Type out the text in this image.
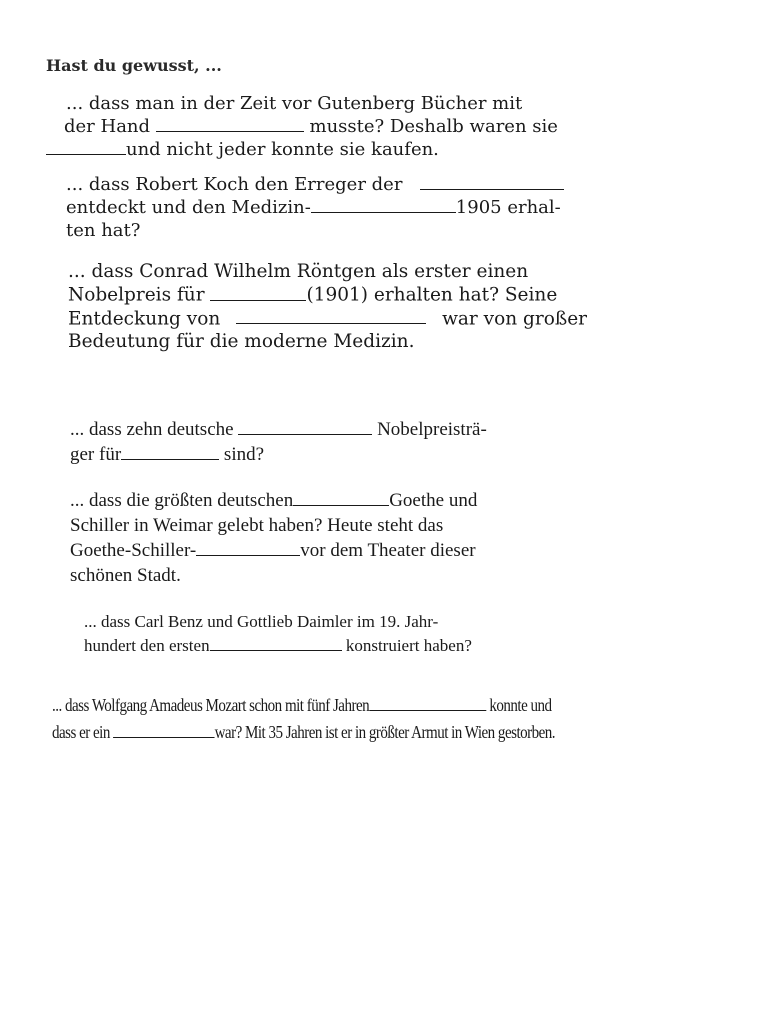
Hast du gewusst, ...
... dass man in der Zeit vor Gutenberg Bücher mit
der Hand	musste? Deshalb waren sie
und nicht jeder konnte sie kaufen.
... dass Robert Koch den Erreger der
entdeckt und den Medizin-	1905 erhal-
ten hat?
... dass Conrad Wilhelm Röntgen als erster einen
Nobelpreis für	(1901) erhalten hat? Seine
Entdeckung von	war von großer
Bedeutung für die moderne Medizin.
... dass zehn deutsche	Nobelpreisträ-
ger für	sind?
... dass die größten deutschen	Goethe und
Schiller in Weimar gelebt haben? Heute steht das
Goethe-Schiller-	vor dem Theater dieser
schönen Stadt.
... dass Carl Benz und Gottlieb Daimler im 19. Jahr-
hundert den ersten	konstruiert haben?
... dass Wolfgang Amadeus Mozart schon mit fünf Jahren	konnte und
dass er ein	war? Mit 35 Jahren ist er in größter Armut in Wien gestorben.
